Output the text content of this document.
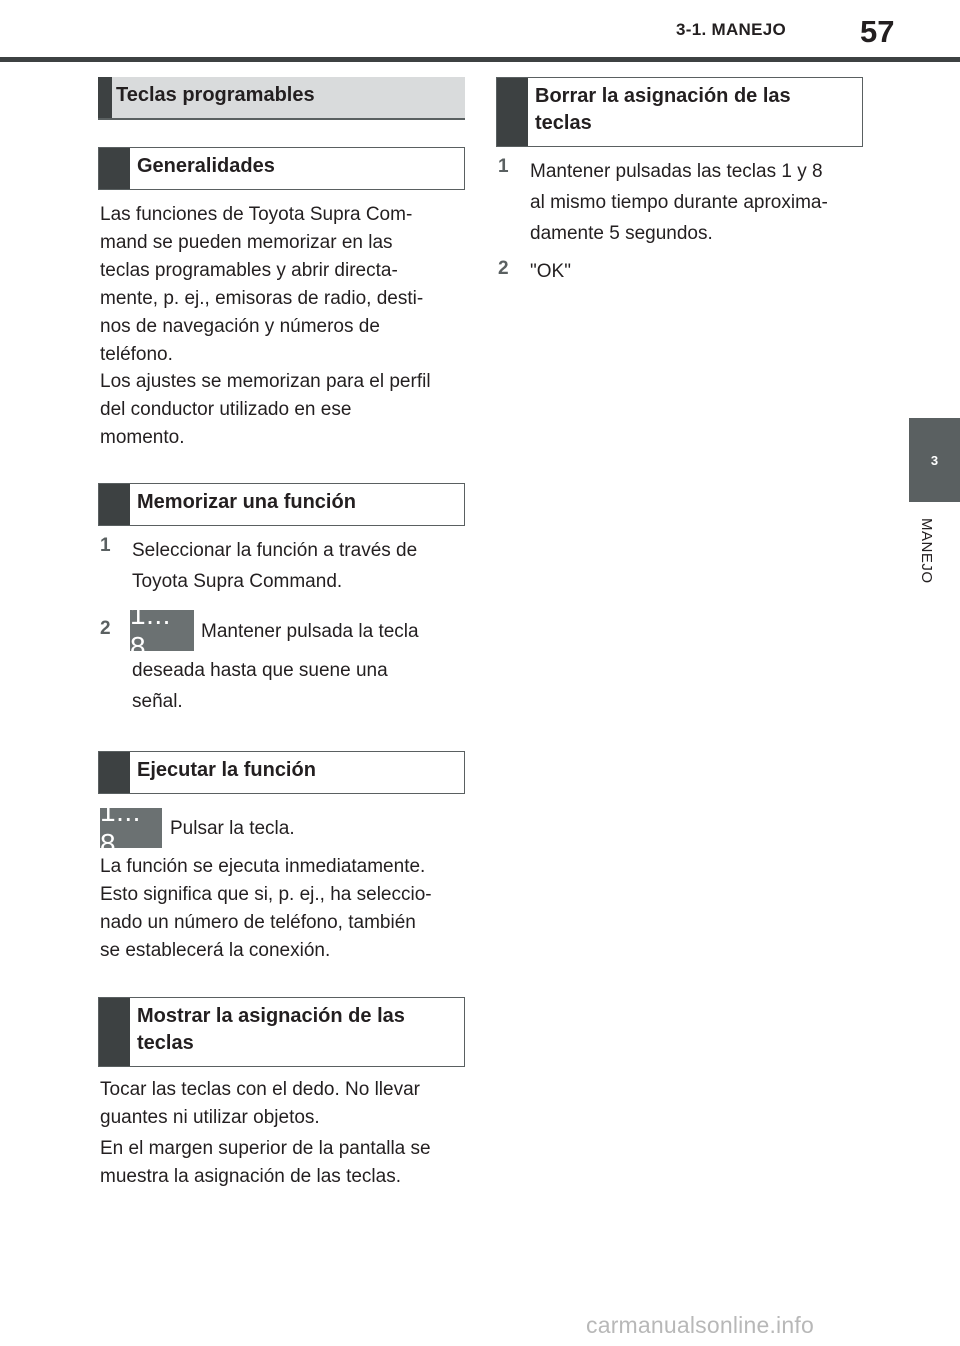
3-1. MANEJO 57
3
MANEJO
Teclas programables
Generalidades
Las funciones de Toyota Supra Com-
mand se pueden memorizar en las
teclas programables y abrir directa-
mente, p. ej., emisoras de radio, desti-
nos de navegación y números de
teléfono.
Los ajustes se memorizan para el perfil
del conductor utilizado en ese
momento.
Memorizar una función
1 Seleccionar la función a través de
Toyota Supra Command.
2 1... 8	Mantener pulsada la tecla
deseada hasta que suene una
señal.
Ejecutar la función
1... 8	Pulsar la tecla.
La función se ejecuta inmediatamente.
Esto significa que si, p. ej., ha seleccio-
nado un número de teléfono, también
se establecerá la conexión.
Mostrar la asignación de las
teclas
Tocar las teclas con el dedo. No llevar
guantes ni utilizar objetos.
En el margen superior de la pantalla se
muestra la asignación de las teclas.
Borrar la asignación de las
teclas
1 Mantener pulsadas las teclas 1 y 8
al mismo tiempo durante aproxima-
damente 5 segundos.
2 "OK"
carmanualsonline.info
